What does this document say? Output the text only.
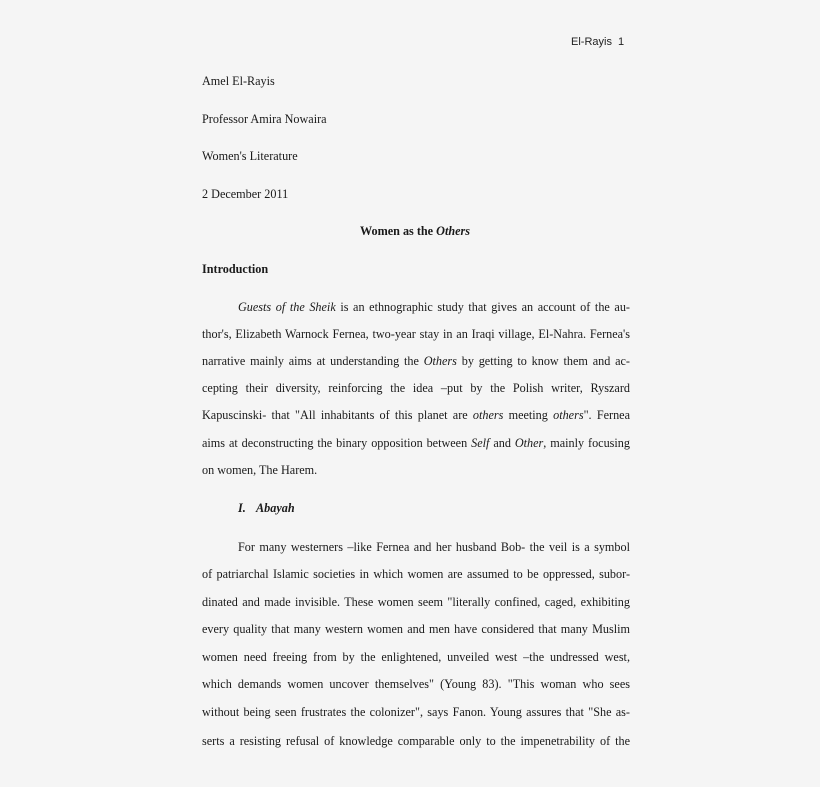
El-Rayis  1
Amel El-Rayis
Professor Amira Nowaira
Women's Literature
2 December 2011
Women as the Others
Introduction
Guests of the Sheik is an ethnographic study that gives an account of the au-
thor's, Elizabeth Warnock Fernea, two-year stay in an Iraqi village, El-Nahra. Fernea's
narrative mainly aims at understanding the Others by getting to know them and ac-
cepting their diversity, reinforcing the idea –put by the Polish writer, Ryszard
Kapuscinski- that "All inhabitants of this planet are others meeting others". Fernea
aims at deconstructing the binary opposition between Self and Other, mainly focusing
on women, The Harem.
I. Abayah
For many westerners –like Fernea and her husband Bob- the veil is a symbol
of patriarchal Islamic societies in which women are assumed to be oppressed, subor-
dinated and made invisible. These women seem "literally confined, caged, exhibiting
every quality that many western women and men have considered that many Muslim
women need freeing from by the enlightened, unveiled west –the undressed west,
which demands women uncover themselves" (Young 83). "This woman who sees
without being seen frustrates the colonizer", says Fanon. Young assures that "She as-
serts a resisting refusal of knowledge comparable only to the impenetrability of the
